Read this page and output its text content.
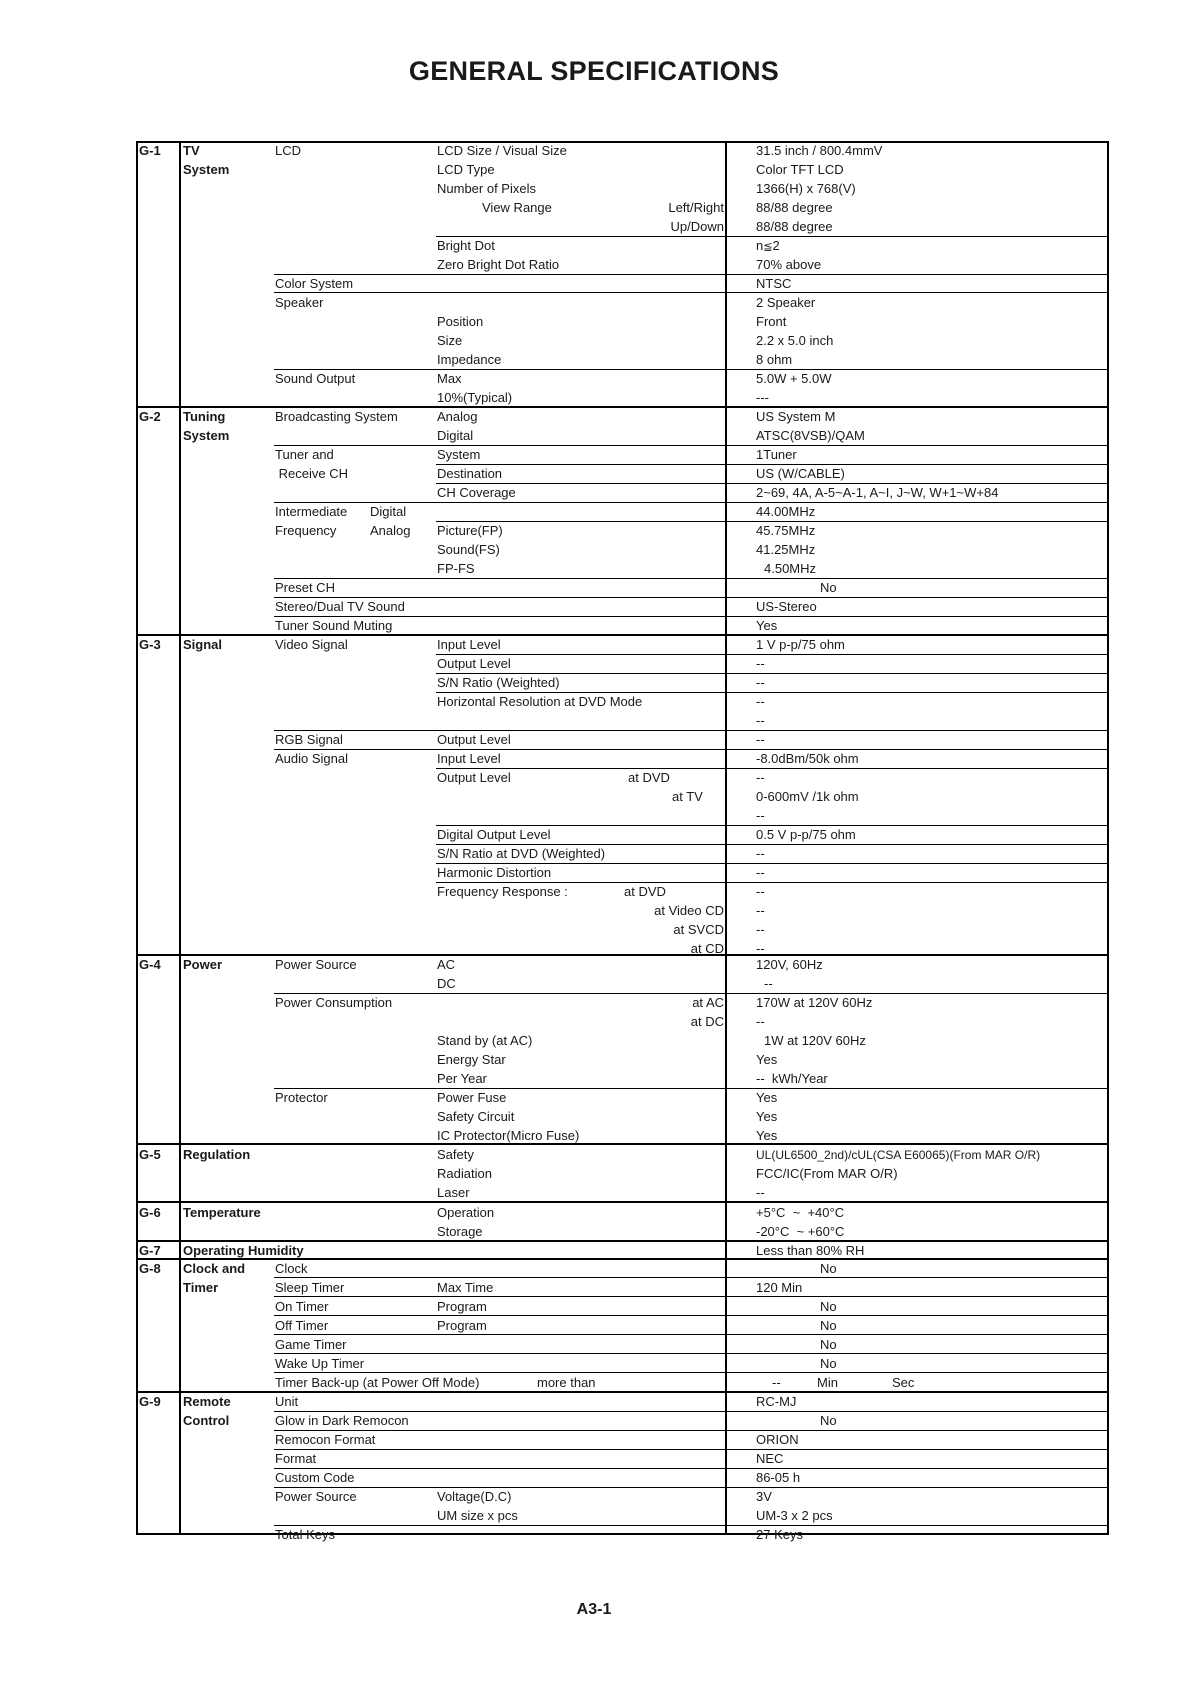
GENERAL SPECIFICATIONS
G-1 TV
System
LCD	LCD Size / Visual Size	31.5 inch / 800.4mmV
LCD Type	Color TFT LCD
Number of Pixels	1366(H) x 768(V)
View Range	Left/Right 88/88 degree
Up/Down 88/88 degree
Bright Dot	n≦2
Zero Bright Dot Ratio	70% above
Color System	NTSC
Speaker	2 Speaker
Position	Front
Size	2.2 x 5.0 inch
Impedance	8 ohm
Sound Output	Max	5.0W + 5.0W
10%(Typical)	---
G-2 Tuning
System
Broadcasting System	Analog	US System M
Digital	ATSC(8VSB)/QAM
Tuner and	System	1Tuner
Receive CH	Destination	US (W/CABLE)
CH Coverage	2~69, 4A, A-5~A-1, A~I, J~W, W+1~W+84
Intermediate Digital	44.00MHz
Frequency	Analog Picture(FP)	45.75MHz
Sound(FS)	41.25MHz
FP-FS	4.50MHz
Preset CH	No
Stereo/Dual TV Sound	US-Stereo
Tuner Sound Muting	Yes
G-3 Signal	Video Signal	Input Level	1 V p-p/75 ohm
Output Level	--
S/N Ratio (Weighted)	--
Horizontal Resolution at DVD Mode	--
--
RGB Signal	Output Level	--
Audio Signal	Input Level	-8.0dBm/50k ohm
Output Level	at DVD	--
at TV	0-600mV /1k ohm
--
Digital Output Level	0.5 V p-p/75 ohm
S/N Ratio at DVD (Weighted)	--
Harmonic Distortion	--
Frequency Response :	at DVD	--
at Video CD --
at SVCD --
at CD --
G-4 Power	Power Source	AC	120V, 60Hz
DC	--
Power Consumption	at AC 170W at 120V 60Hz
at DC --
Stand by (at AC)	1W at 120V 60Hz
Energy Star	Yes
Per Year	--  kWh/Year
Protector	Power Fuse	Yes
Safety Circuit	Yes
IC Protector(Micro Fuse)	Yes
G-5 Regulation	Safety	UL(UL6500_2nd)/cUL(CSA E60065)(From MAR O/R)
Radiation	FCC/IC(From MAR O/R)
Laser	--
G-6 Temperature	Operation	+5°C  ~  +40°C
Storage	-20°C  ~ +60°C
G-7 Operating Humidity	Less than 80% RH
G-8 Clock and
Timer
Clock	No
Sleep Timer	Max Time	120 Min
On Timer	Program	No
Off Timer	Program	No
Game Timer	No
Wake Up Timer	No
Timer Back-up (at Power Off Mode)	more than	--	Min	Sec
G-9 Remote
Control
Unit	RC-MJ
Glow in Dark Remocon	No
Remocon Format	ORION
Format	NEC
Custom Code	86-05 h
Power Source	Voltage(D.C)	3V
UM size x pcs	UM-3 x 2 pcs
Total Keys	27 Keys
A3-1
